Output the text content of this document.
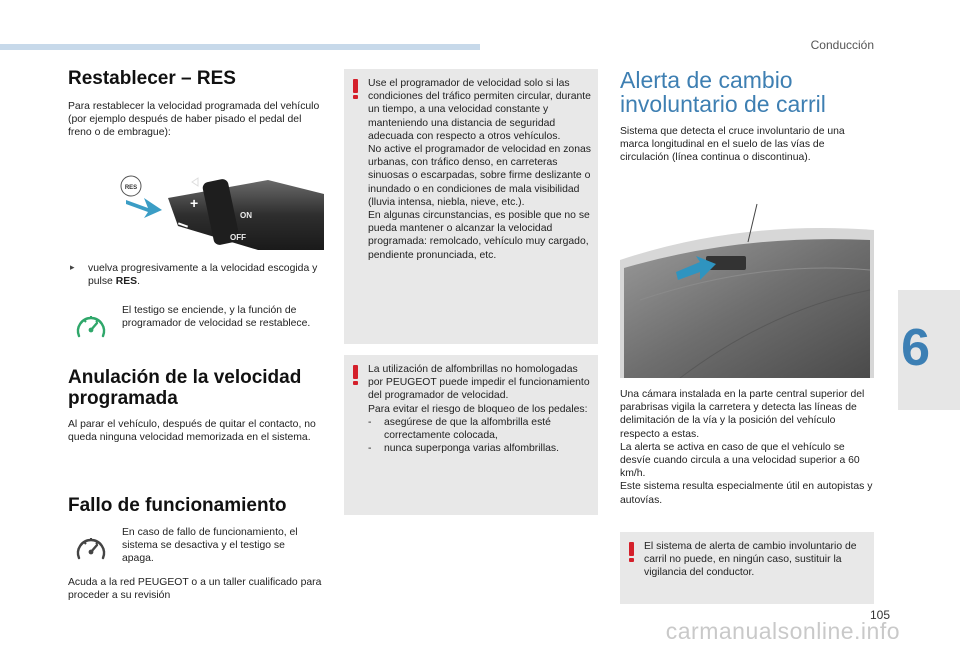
Conducción
6
105
carmanualsonline.info
Restablecer – RES

Para restablecer la velocidad programada del vehículo (por ejemplo después de haber pisado el pedal del freno o de embrague):

ON
OFF
+
RES
▸	vuelva progresivamente a la velocidad escogida y pulse RES.

El testigo se enciende, y la función de programador de velocidad se restablece.

Anulación de la velocidad programada

Al parar el vehículo, después de quitar el contacto, no queda ninguna velocidad memorizada en el sistema.

Fallo de funcionamiento

En caso de fallo de funcionamiento, el sistema se desactiva y el testigo se apaga.

Acuda a la red PEUGEOT o a un taller cualificado para proceder a su revisión

Use el programador de velocidad solo si las condiciones del tráfico permiten circular, durante un tiempo, a una velocidad constante y manteniendo una distancia de seguridad adecuada con respecto a otros vehículos.
No active el programador de velocidad en zonas urbanas, con tráfico denso, en carreteras sinuosas o escarpadas, sobre firme deslizante o inundado o en condiciones de mala visibilidad (lluvia intensa, niebla, nieve, etc.).
En algunas circunstancias, es posible que no se pueda mantener o alcanzar la velocidad programada: remolcado, vehículo muy cargado, pendiente pronunciada, etc.

La utilización de alfombrillas no homologadas por PEUGEOT puede impedir el funcionamiento del programador de velocidad.
Para evitar el riesgo de bloqueo de los pedales:

- asegúrese de que la alfombrilla esté correctamente colocada,
- nunca superponga varias alfombrillas.
Alerta de cambio involuntario de carril

Sistema que detecta el cruce involuntario de una marca longitudinal en el suelo de las vías de circulación (línea continua o discontinua).

Una cámara instalada en la parte central superior del parabrisas vigila la carretera y detecta las líneas de delimitación de la vía y la posición del vehículo respecto a estas.
La alerta se activa en caso de que el vehículo se desvíe cuando circula a una velocidad superior a 60 km/h.
Este sistema resulta especialmente útil en autopistas y autovías.

El sistema de alerta de cambio involuntario de carril no puede, en ningún caso, sustituir la vigilancia del conductor.
